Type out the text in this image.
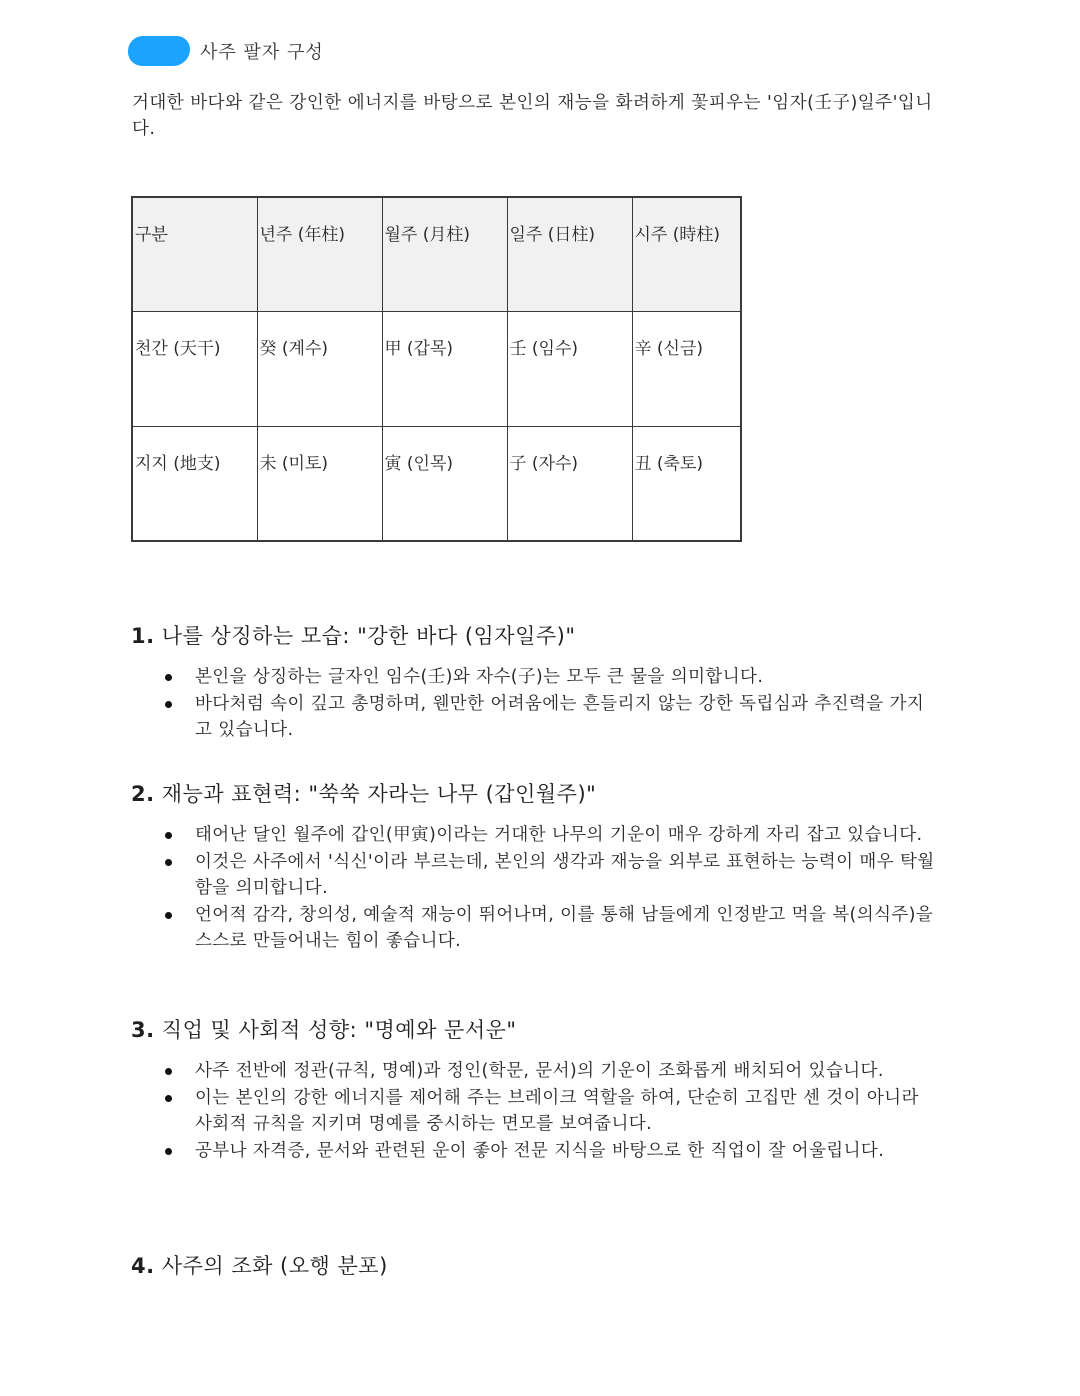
사주 팔자 구성
거대한 바다와 같은 강인한 에너지를 바탕으로 본인의 재능을 화려하게 꽃피우는 '임자(壬子)일주'입니다.
구분	년주 (年柱)	월주 (月柱)	일주 (日柱)	시주 (時柱)
천간 (天干)	癸 (계수)	甲 (갑목)	壬 (임수)	辛 (신금)
지지 (地支)	未 (미토)	寅 (인목)	子 (자수)	丑 (축토)
1. 나를 상징하는 모습: "강한 바다 (임자일주)"
본인을 상징하는 글자인 임수(壬)와 자수(子)는 모두 큰 물을 의미합니다.
바다처럼 속이 깊고 총명하며, 웬만한 어려움에는 흔들리지 않는 강한 독립심과 추진력을 가지고 있습니다.
2. 재능과 표현력: "쑥쑥 자라는 나무 (갑인월주)"
태어난 달인 월주에 갑인(甲寅)이라는 거대한 나무의 기운이 매우 강하게 자리 잡고 있습니다.
이것은 사주에서 '식신'이라 부르는데, 본인의 생각과 재능을 외부로 표현하는 능력이 매우 탁월함을 의미합니다.
언어적 감각, 창의성, 예술적 재능이 뛰어나며, 이를 통해 남들에게 인정받고 먹을 복(의식주)을 스스로 만들어내는 힘이 좋습니다.
3. 직업 및 사회적 성향: "명예와 문서운"
사주 전반에 정관(규칙, 명예)과 정인(학문, 문서)의 기운이 조화롭게 배치되어 있습니다.
이는 본인의 강한 에너지를 제어해 주는 브레이크 역할을 하여, 단순히 고집만 센 것이 아니라 사회적 규칙을 지키며 명예를 중시하는 면모를 보여줍니다.
공부나 자격증, 문서와 관련된 운이 좋아 전문 지식을 바탕으로 한 직업이 잘 어울립니다.
4. 사주의 조화 (오행 분포)
